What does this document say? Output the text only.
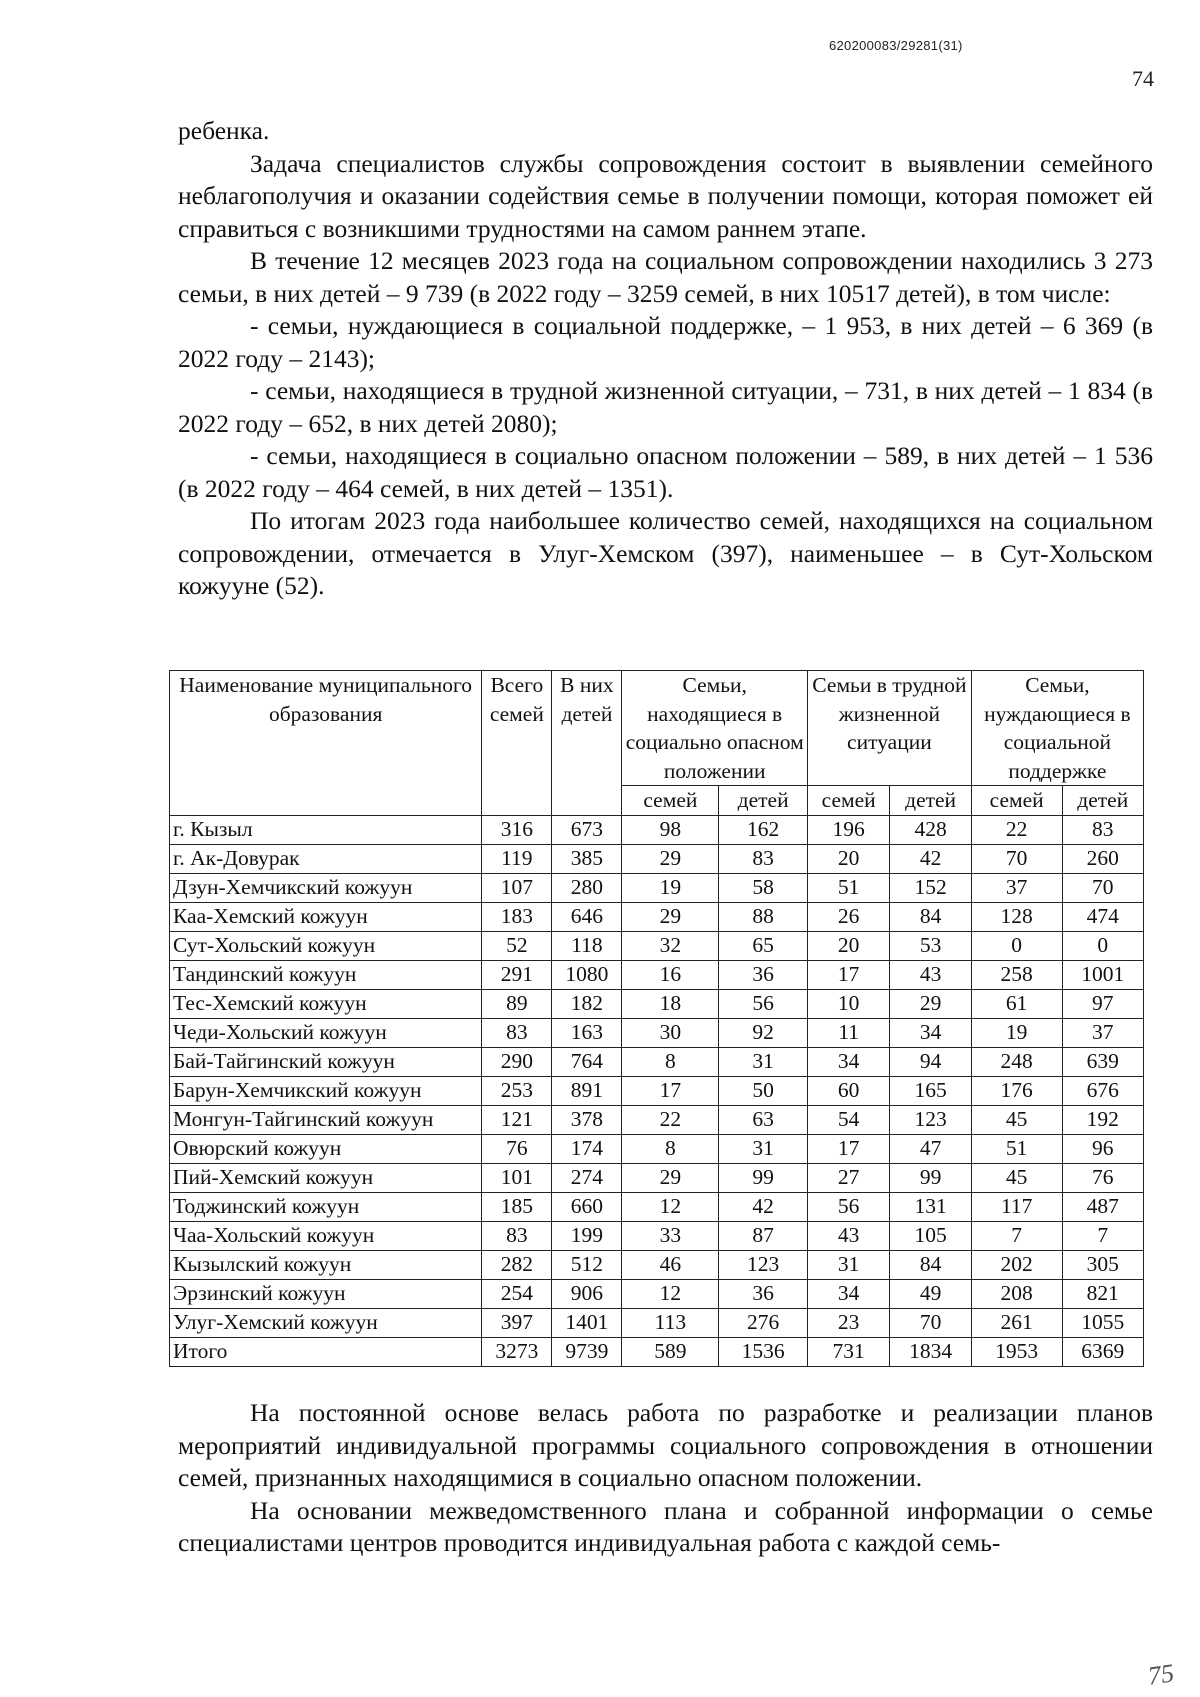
620200083/29281(31)
74

ребенка.

Задача специалистов службы сопровождения состоит в выявлении семейного неблагополучия и оказании содействия семье в получении помощи, которая поможет ей справиться с возникшими трудностями на самом раннем этапе.

В течение 12 месяцев 2023 года на социальном сопровождении находились 3 273 семьи, в них детей – 9 739 (в 2022 году – 3259 семей, в них 10517 детей), в том числе:

- семьи, нуждающиеся в социальной поддержке, – 1 953, в них детей – 6 369 (в 2022 году – 2143);

- семьи, находящиеся в трудной жизненной ситуации, – 731, в них детей – 1 834 (в 2022 году – 652, в них детей 2080);

- семьи, находящиеся в социально опасном положении – 589, в них детей – 1 536 (в 2022 году – 464 семей, в них детей – 1351).

По итогам 2023 года наибольшее количество семей, находящихся на социальном сопровождении, отмечается в Улуг-Хемском (397), наименьшее – в Сут-Хольском кожууне (52).

Наименование муниципального образования	Всего семей	В них детей	Семьи, находящиеся в социально опасном положении		Семьи в трудной жизненной ситуации		Семьи, нуждающиеся в социальной поддержке	
			семей	детей	семей	детей	семей	детей
г. Кызыл	316	673	98	162	196	428	22	83
г. Ак-Довурак	119	385	29	83	20	42	70	260
Дзун-Хемчикский кожуун	107	280	19	58	51	152	37	70
Каа-Хемский кожуун	183	646	29	88	26	84	128	474
Сут-Хольский кожуун	52	118	32	65	20	53	0	0
Тандинский кожуун	291	1080	16	36	17	43	258	1001
Тес-Хемский кожуун	89	182	18	56	10	29	61	97
Чеди-Хольский кожуун	83	163	30	92	11	34	19	37
Бай-Тайгинский кожуун	290	764	8	31	34	94	248	639
Барун-Хемчикский кожуун	253	891	17	50	60	165	176	676
Монгун-Тайгинский кожуун	121	378	22	63	54	123	45	192
Овюрский кожуун	76	174	8	31	17	47	51	96
Пий-Хемский кожуун	101	274	29	99	27	99	45	76
Тоджинский кожуун	185	660	12	42	56	131	117	487
Чаа-Хольский кожуун	83	199	33	87	43	105	7	7
Кызылский кожуун	282	512	46	123	31	84	202	305
Эрзинский кожуун	254	906	12	36	34	49	208	821
Улуг-Хемский кожуун	397	1401	113	276	23	70	261	1055
Итого	3273	9739	589	1536	731	1834	1953	6369

На постоянной основе велась работа по разработке и реализации планов мероприятий индивидуальной программы социального сопровождения в отношении семей, признанных находящимися в социально опасном положении.

На основании межведомственного плана и собранной информации о семье специалистами центров проводится индивидуальная работа с каждой семь-

75
